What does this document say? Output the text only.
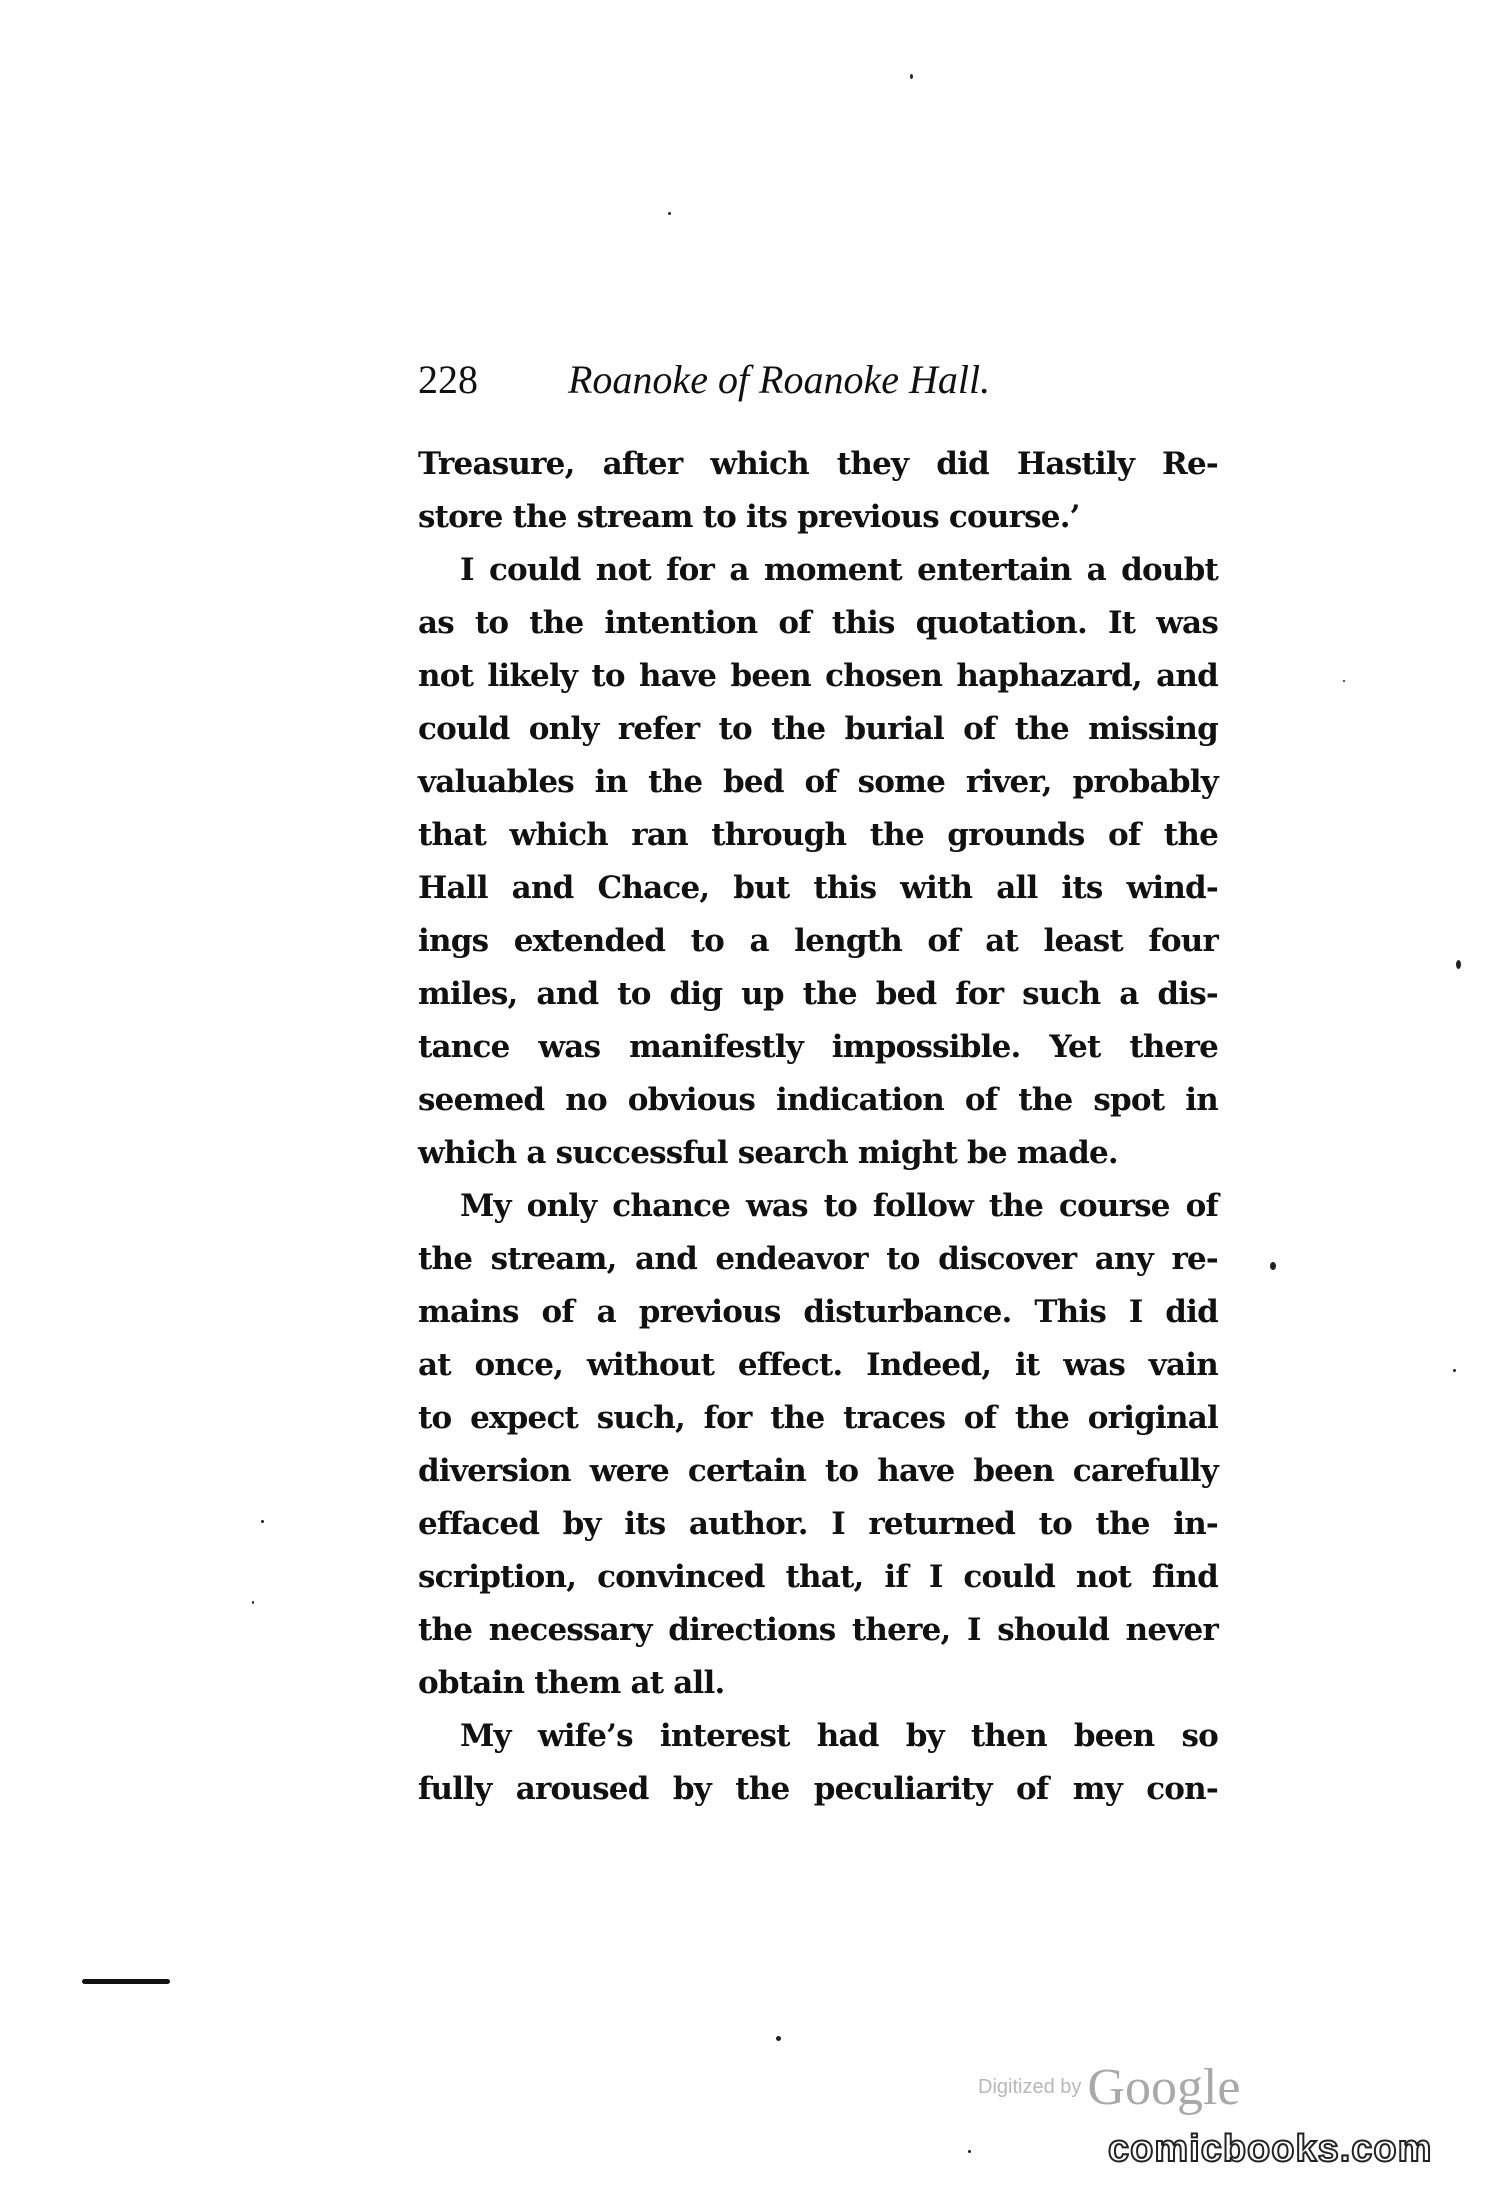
228 Roanoke of Roanoke Hall.
Treasure, after which they did Hastily Re-
store the stream to its previous course.’
I could not for a moment entertain a doubt
as to the intention of this quotation. It was
not likely to have been chosen haphazard, and
could only refer to the burial of the missing
valuables in the bed of some river, probably
that which ran through the grounds of the
Hall and Chace, but this with all its wind-
ings extended to a length of at least four
miles, and to dig up the bed for such a dis-
tance was manifestly impossible. Yet there
seemed no obvious indication of the spot in
which a successful search might be made.
My only chance was to follow the course of
the stream, and endeavor to discover any re-
mains of a previous disturbance. This I did
at once, without effect. Indeed, it was vain
to expect such, for the traces of the original
diversion were certain to have been carefully
effaced by its author. I returned to the in-
scription, convinced that, if I could not find
the necessary directions there, I should never
obtain them at all.
My wife’s interest had by then been so
fully aroused by the peculiarity of my con-
Digitized by Google
comicbooks.com
